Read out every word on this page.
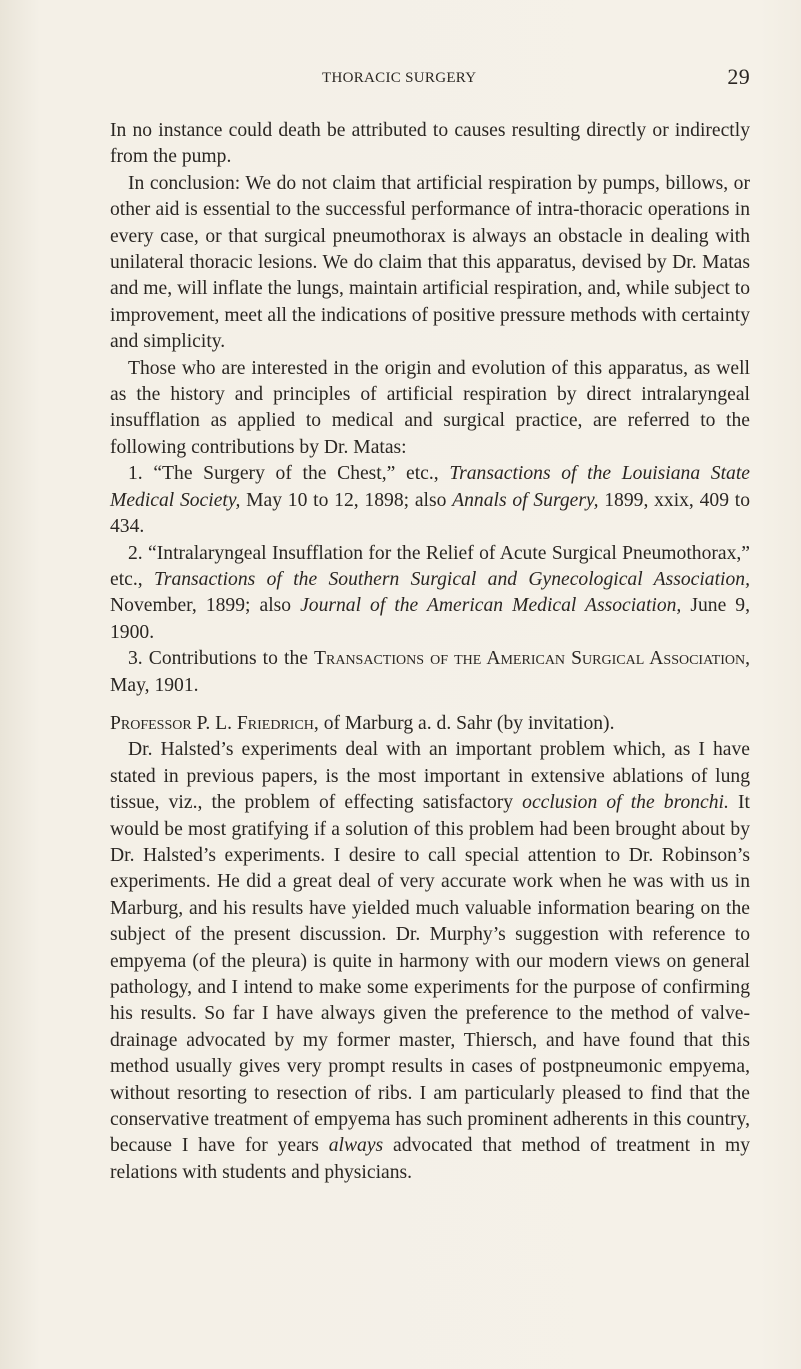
THORACIC SURGERY	29

In no instance could death be attributed to causes resulting directly or indirectly from the pump.

In conclusion: We do not claim that artificial respiration by pumps, billows, or other aid is essential to the successful performance of intra-thoracic operations in every case, or that surgical pneumothorax is always an obstacle in dealing with unilateral thoracic lesions. We do claim that this apparatus, devised by Dr. Matas and me, will inflate the lungs, maintain artificial respiration, and, while subject to improvement, meet all the indications of positive pressure methods with certainty and simplicity.

Those who are interested in the origin and evolution of this apparatus, as well as the history and principles of artificial respiration by direct intralaryngeal insufflation as applied to medical and surgical practice, are referred to the following contributions by Dr. Matas:

1. “The Surgery of the Chest,” etc., Transactions of the Louisiana State Medical Society, May 10 to 12, 1898; also Annals of Surgery, 1899, xxix, 409 to 434.

2. “Intralaryngeal Insufflation for the Relief of Acute Surgical Pneumothorax,” etc., Transactions of the Southern Surgical and Gynecological Association, November, 1899; also Journal of the American Medical Association, June 9, 1900.

3. Contributions to the Transactions of the American Surgical Association, May, 1901.

Professor P. L. Friedrich, of Marburg a. d. Sahr (by invitation).

Dr. Halsted’s experiments deal with an important problem which, as I have stated in previous papers, is the most important in extensive ablations of lung tissue, viz., the problem of effecting satisfactory occlusion of the bronchi. It would be most gratifying if a solution of this problem had been brought about by Dr. Halsted’s experiments. I desire to call special attention to Dr. Robinson’s experiments. He did a great deal of very accurate work when he was with us in Marburg, and his results have yielded much valuable information bearing on the subject of the present discussion. Dr. Murphy’s suggestion with reference to empyema (of the pleura) is quite in harmony with our modern views on general pathology, and I intend to make some experiments for the purpose of confirming his results. So far I have always given the preference to the method of valve-drainage advocated by my former master, Thiersch, and have found that this method usually gives very prompt results in cases of postpneumonic empyema, without resorting to resection of ribs. I am particularly pleased to find that the conservative treatment of empyema has such prominent adherents in this country, because I have for years always advocated that method of treatment in my relations with students and physicians.
